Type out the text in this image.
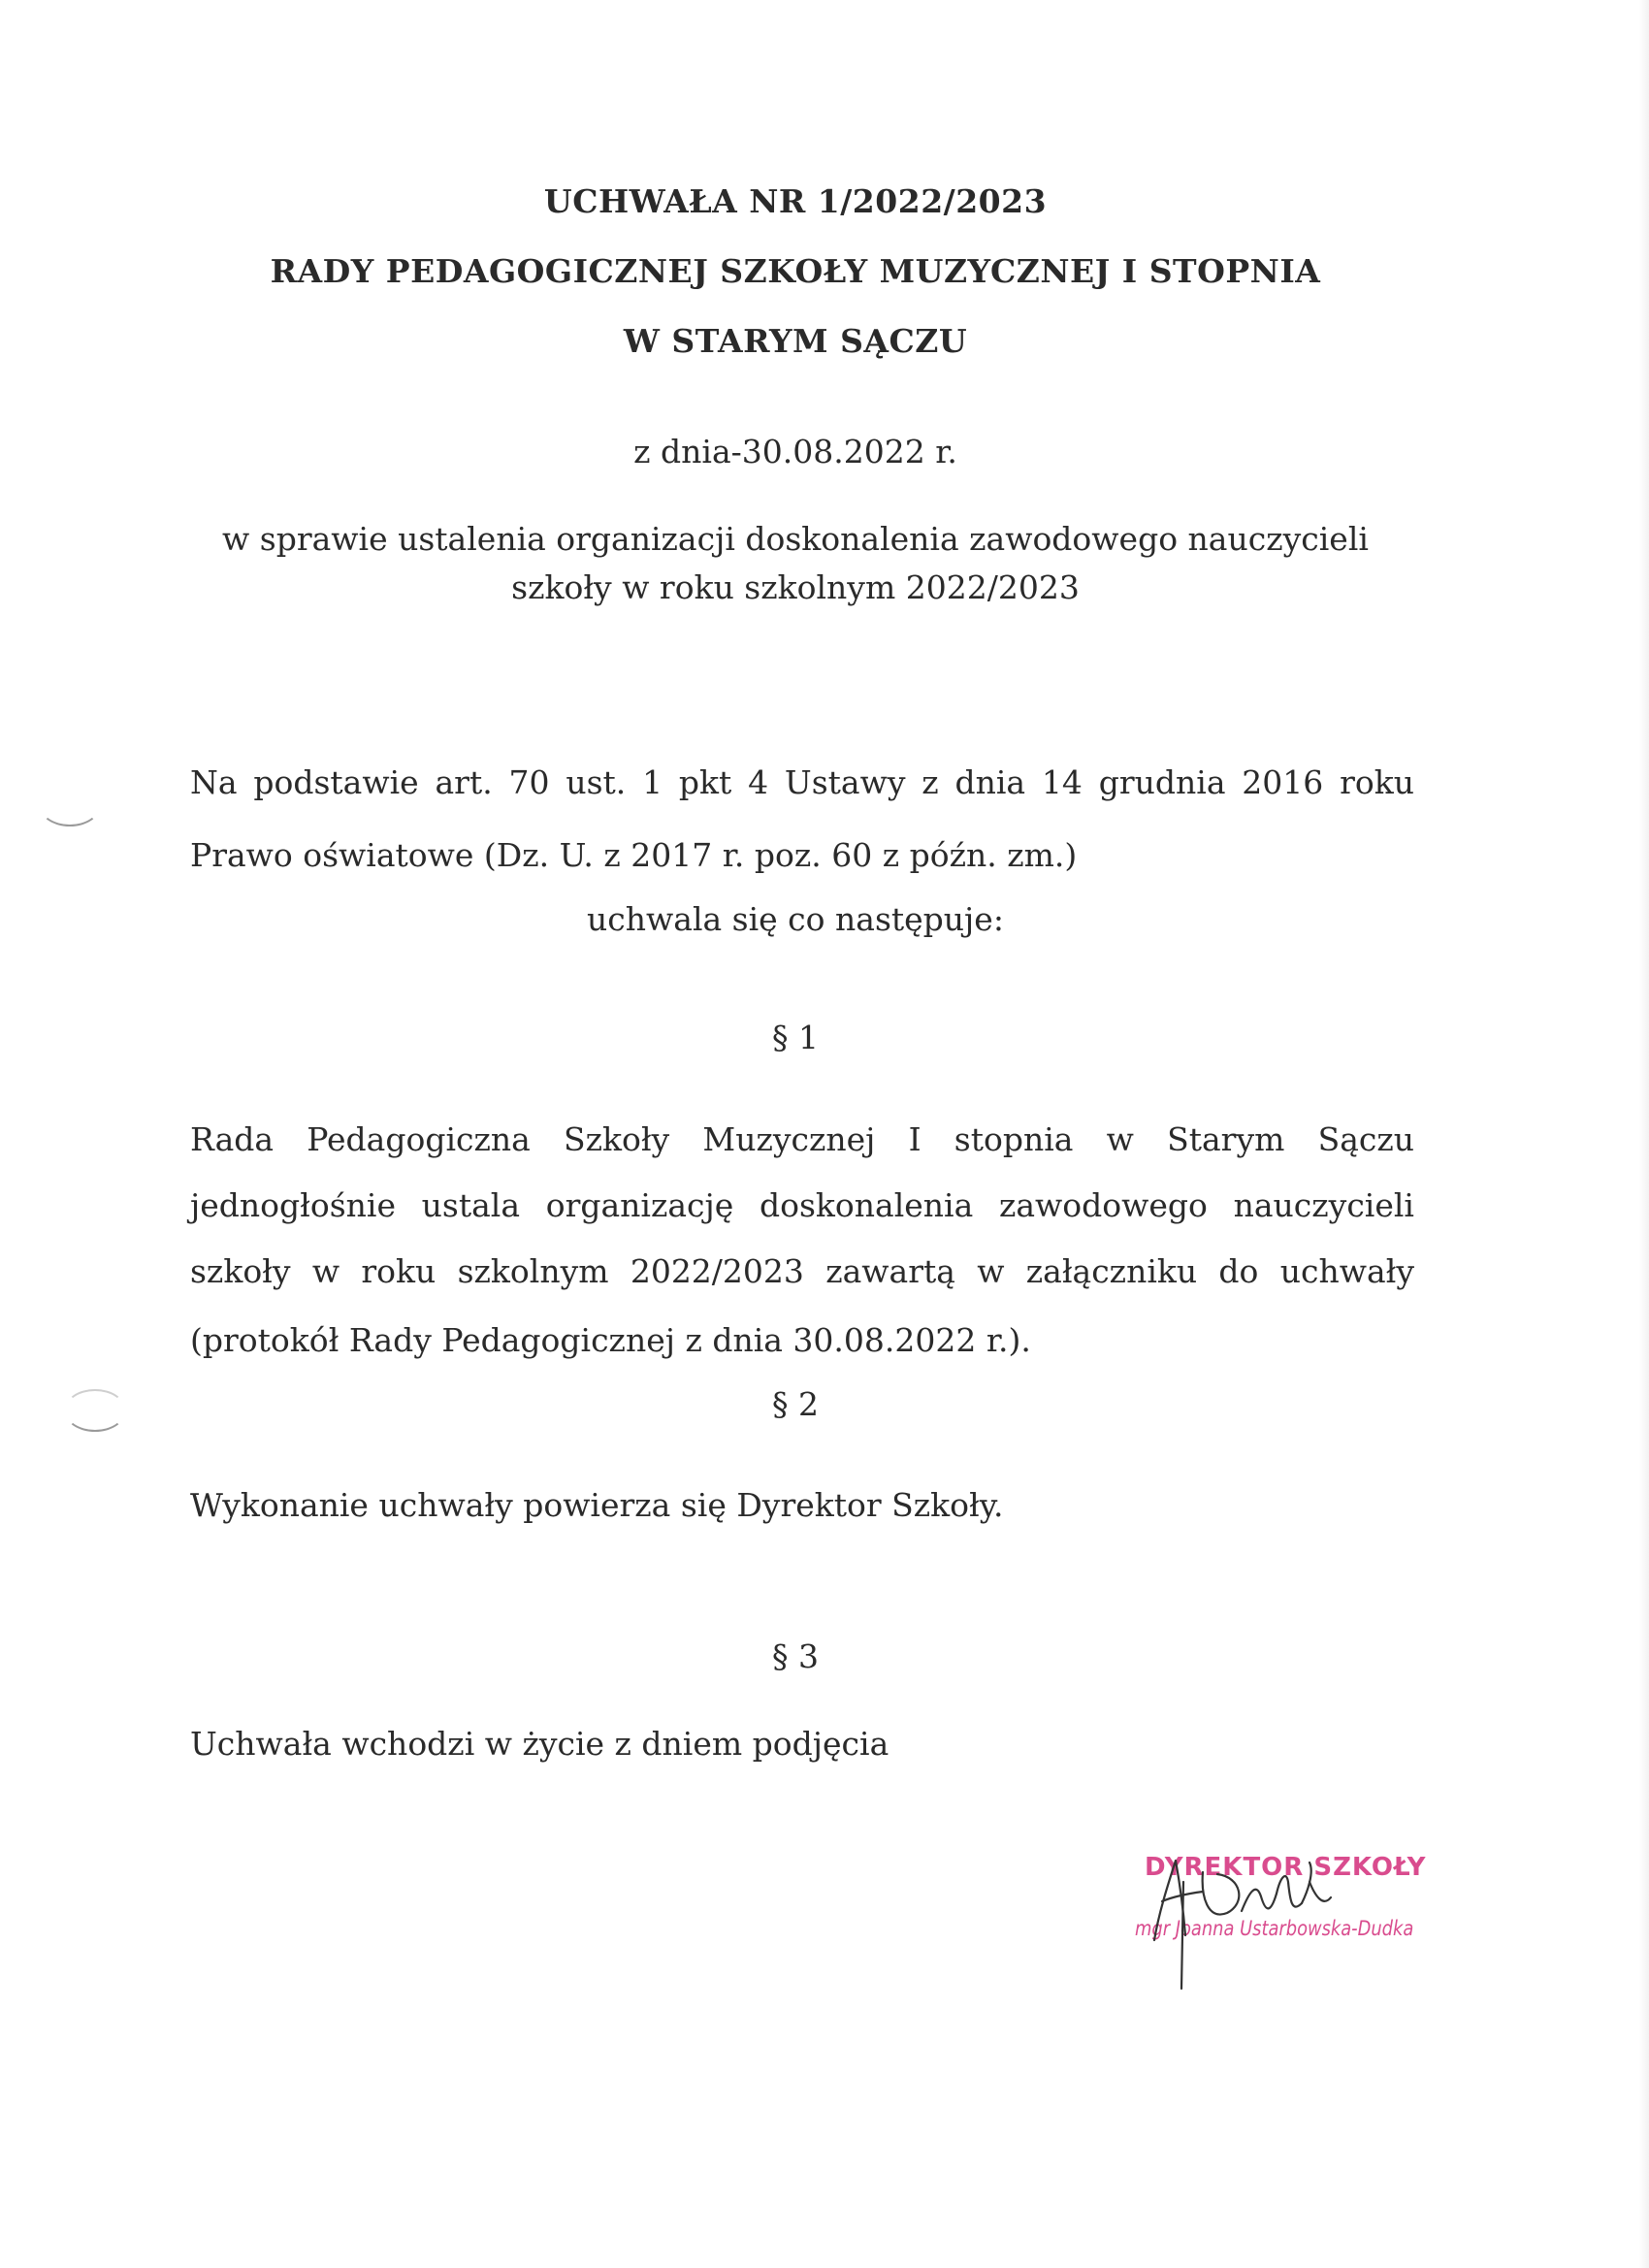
UCHWAŁA NR 1/2022/2023
RADY PEDAGOGICZNEJ SZKOŁY MUZYCZNEJ I STOPNIA
W STARYM SĄCZU
z dnia-30.08.2022 r.
w sprawie ustalenia organizacji doskonalenia zawodowego nauczycieli
szkoły w roku szkolnym 2022/2023
Na podstawie art. 70 ust. 1 pkt 4 Ustawy z dnia 14 grudnia 2016 roku
Prawo oświatowe (Dz. U. z 2017 r. poz. 60 z późn. zm.)
uchwala się co następuje:
§ 1
Rada Pedagogiczna Szkoły Muzycznej I stopnia w Starym Sączu
jednogłośnie ustala organizację doskonalenia zawodowego nauczycieli
szkoły w roku szkolnym 2022/2023 zawartą w załączniku do uchwały
(protokół Rady Pedagogicznej z dnia 30.08.2022 r.).
§ 2
Wykonanie uchwały powierza się Dyrektor Szkoły.
§ 3
Uchwała wchodzi w życie z dniem podjęcia
DYREKTOR SZKOŁY
mgr Joanna Ustarbowska-Dudka
